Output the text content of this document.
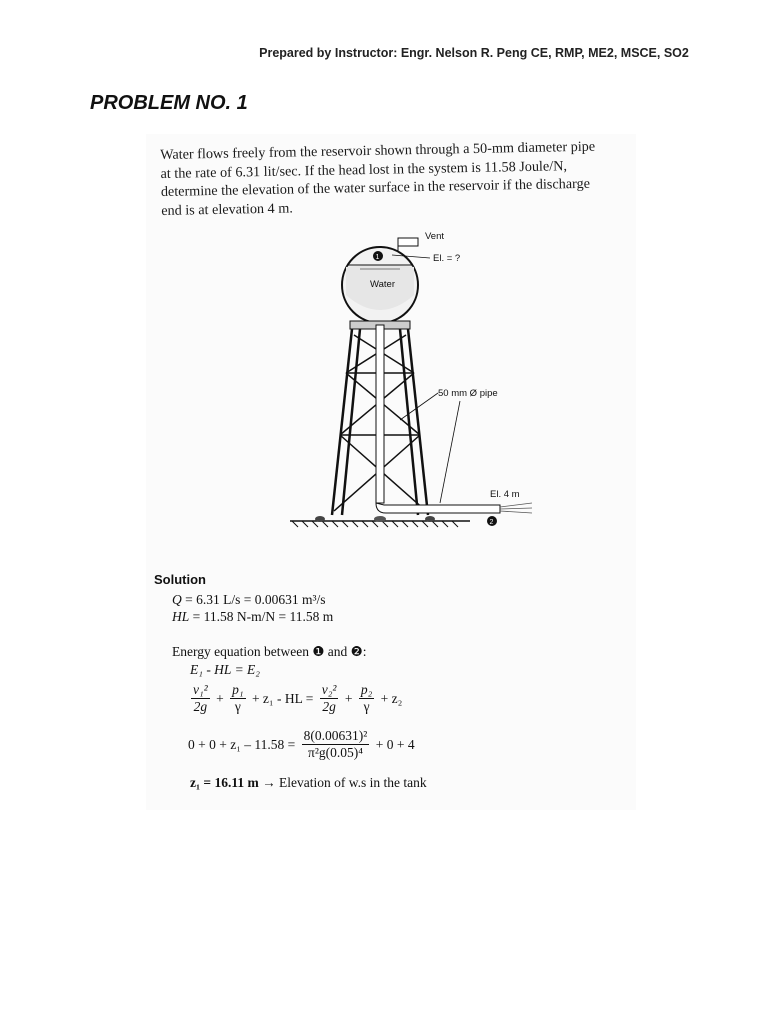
Prepared by Instructor: Engr. Nelson R. Peng CE, RMP, ME2, MSCE, SO2
PROBLEM NO. 1
Water flows freely from the reservoir shown through a 50-mm diameter pipe
at the rate of 6.31 lit/sec. If the head lost in the system is 11.58 Joule/N,
determine the elevation of the water surface in the reservoir if the discharge
end is at elevation 4 m.
Vent
1
Water
El. = ?
2
El. 4 m
50 mm Ø pipe
Solution
Q = 6.31 L/s = 0.00631 m³/s
HL = 11.58 N-m/N = 11.58 m
Energy equation between ❶ and ❷:
E₁ - HL = E₂
$\frac{\text{v₁²}}{2g} + \frac{\text{p₁}}{\gamma} + z_1$ - HL = $\frac{\text{v₂²}}{2g} + \frac{\text{p₂}}{\gamma} + z_2$
$0 + 0 + z_1 - 11.58 = \frac{\text{8(0.00631)²}}{\text{π²g(0.05)⁴}} + 0 + 4$
z₁ = 16.11 m → Elevation of w.s in the tank
